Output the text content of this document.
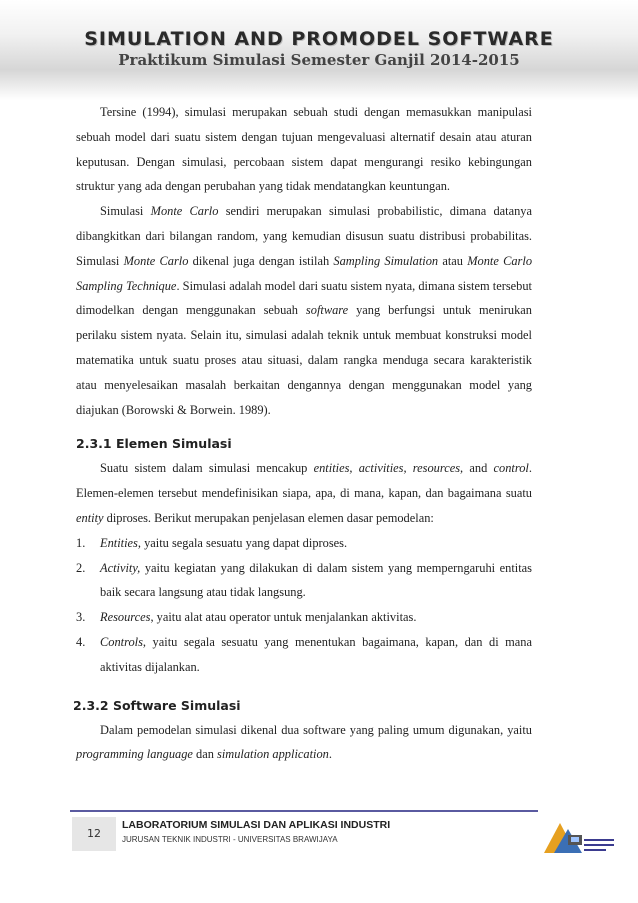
SIMULATION AND PROMODEL SOFTWARE
Praktikum Simulasi Semester Ganjil 2014-2015

Tersine (1994), simulasi merupakan sebuah studi dengan memasukkan manipulasi sebuah model dari suatu sistem dengan tujuan mengevaluasi alternatif desain atau aturan keputusan. Dengan simulasi, percobaan sistem dapat mengurangi resiko kebingungan struktur yang ada dengan perubahan yang tidak mendatangkan keuntungan.

Simulasi Monte Carlo sendiri merupakan simulasi probabilistic, dimana datanya dibangkitkan dari bilangan random, yang kemudian disusun suatu distribusi probabilitas. Simulasi Monte Carlo dikenal juga dengan istilah Sampling Simulation atau Monte Carlo Sampling Technique. Simulasi adalah model dari suatu sistem nyata, dimana sistem tersebut dimodelkan dengan menggunakan sebuah software yang berfungsi untuk menirukan perilaku sistem nyata. Selain itu, simulasi adalah teknik untuk membuat konstruksi model matematika untuk suatu proses atau situasi, dalam rangka menduga secara karakteristik atau menyelesaikan masalah berkaitan dengannya dengan menggunakan model yang diajukan (Borowski & Borwein. 1989).

2.3.1 Elemen Simulasi

Suatu sistem dalam simulasi mencakup entities, activities, resources, and control. Elemen-elemen tersebut mendefinisikan siapa, apa, di mana, kapan, dan bagaimana suatu entity diproses. Berikut merupakan penjelasan elemen dasar pemodelan:

1. Entities, yaitu segala sesuatu yang dapat diproses.
2. Activity, yaitu kegiatan yang dilakukan di dalam sistem yang memperngaruhi entitas baik secara langsung atau tidak langsung.
3. Resources, yaitu alat atau operator untuk menjalankan aktivitas.
4. Controls, yaitu segala sesuatu yang menentukan bagaimana, kapan, dan di mana aktivitas dijalankan.
2.3.2 Software Simulasi

Dalam pemodelan simulasi dikenal dua software yang paling umum digunakan, yaitu programming language dan simulation application.

12
LABORATORIUM SIMULASI DAN APLIKASI INDUSTRI
JURUSAN TEKNIK INDUSTRI - UNIVERSITAS BRAWIJAYA
